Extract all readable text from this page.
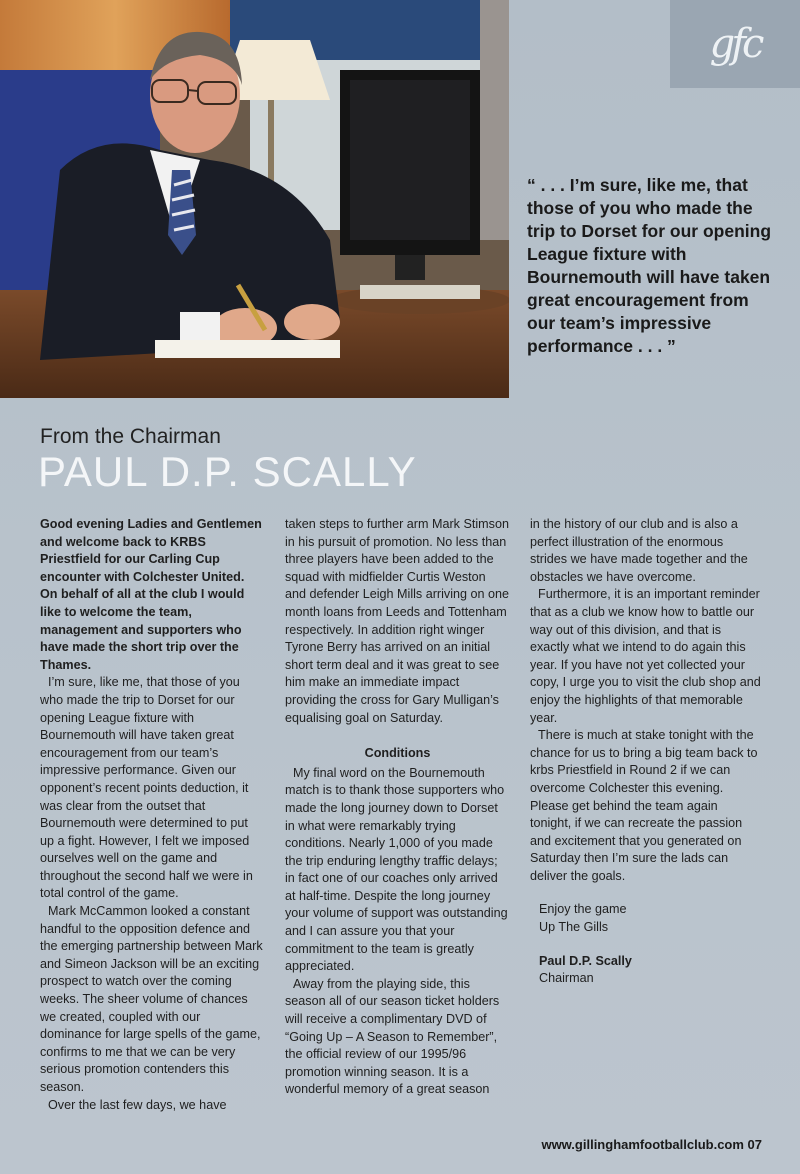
gfc
“ . . . I’m sure, like me, that those of you who made the trip to Dorset for our opening League fixture with Bournemouth will have taken great encouragement from our team’s impressive performance . . . ”
From the Chairman
PAUL D.P. SCALLY

Good evening Ladies and Gentlemen and welcome back to KRBS Priestfield for our Carling Cup encounter with Colchester United. On behalf of all at the club I would like to welcome the team, management and supporters who have made the short trip over the Thames.

I’m sure, like me, that those of you who made the trip to Dorset for our opening League fixture with Bournemouth will have taken great encouragement from our team’s impressive performance. Given our opponent’s recent points deduction, it was clear from the outset that Bournemouth were determined to put up a fight. However, I felt we imposed ourselves well on the game and throughout the second half we were in total control of the game.

Mark McCammon looked a constant handful to the opposition defence and the emerging partnership between Mark and Simeon Jackson will be an exciting prospect to watch over the coming weeks. The sheer volume of chances we created, coupled with our dominance for large spells of the game, confirms to me that we can be very serious promotion contenders this season.

Over the last few days, we have

taken steps to further arm Mark Stimson in his pursuit of promotion. No less than three players have been added to the squad with midfielder Curtis Weston and defender Leigh Mills arriving on one month loans from Leeds and Tottenham respectively. In addition right winger Tyrone Berry has arrived on an initial short term deal and it was great to see him make an immediate impact providing the cross for Gary Mulligan’s equalising goal on Saturday.

Conditions

My final word on the Bournemouth match is to thank those supporters who made the long journey down to Dorset in what were remarkably trying conditions. Nearly 1,000 of you made the trip enduring lengthy traffic delays; in fact one of our coaches only arrived at half-time. Despite the long journey your volume of support was outstanding and I can assure you that your commitment to the team is greatly appreciated.

Away from the playing side, this season all of our season ticket holders will receive a complimentary DVD of “Going Up – A Season to Remember”, the official review of our 1995/96 promotion winning season. It is a wonderful memory of a great season

in the history of our club and is also a perfect illustration of the enormous strides we have made together and the obstacles we have overcome.

Furthermore, it is an important reminder that as a club we know how to battle our way out of this division, and that is exactly what we intend to do again this year. If you have not yet collected your copy, I urge you to visit the club shop and enjoy the highlights of that memorable year.

There is much at stake tonight with the chance for us to bring a big team back to krbs Priestfield in Round 2 if we can overcome Colchester this evening. Please get behind the team again tonight, if we can recreate the passion and excitement that you generated on Saturday then I’m sure the lads can deliver the goals.

Enjoy the game
Up The Gills
Paul D.P. Scally
Chairman
www.gillinghamfootballclub.com 07
